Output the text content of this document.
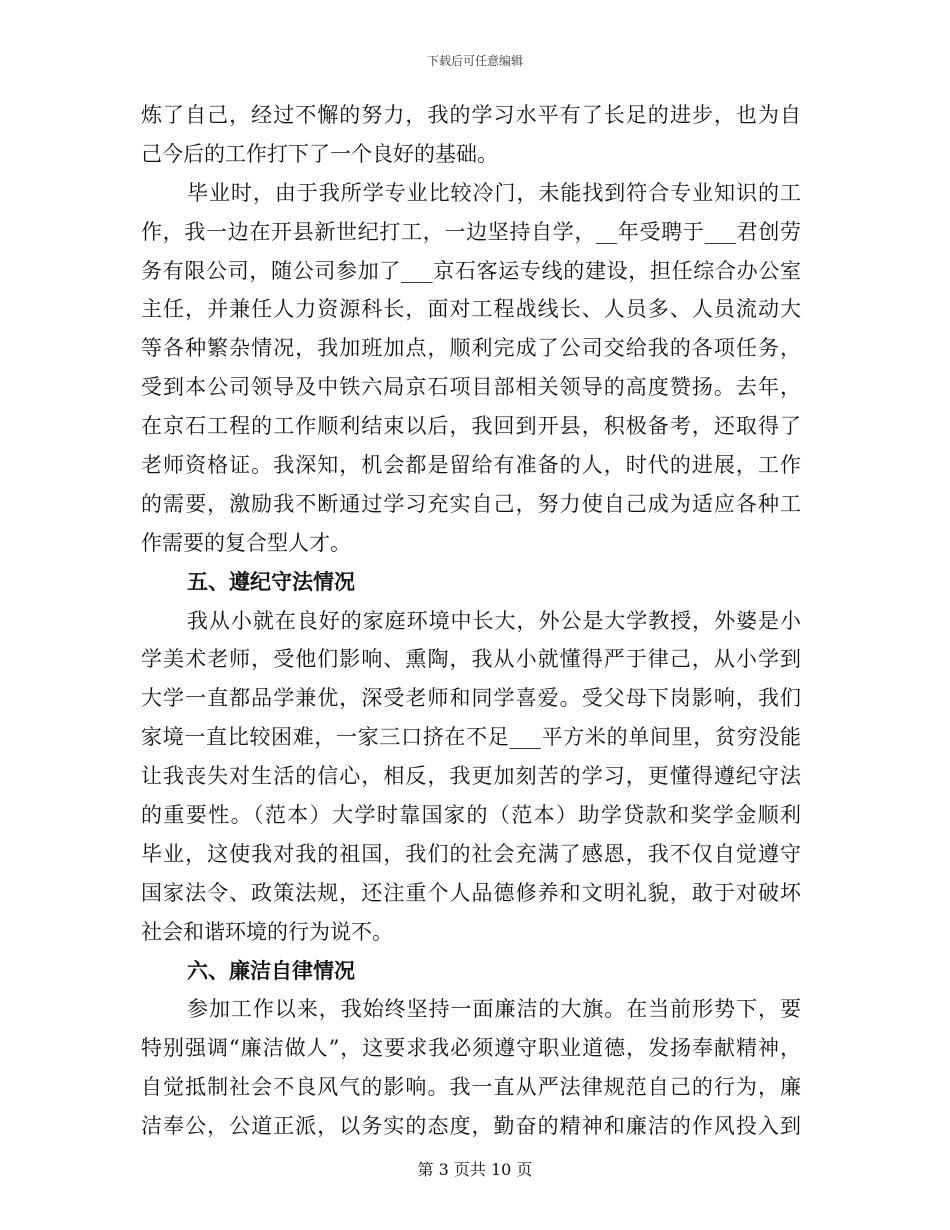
下载后可任意编辑
炼了自己，经过不懈的努力，我的学习水平有了长足的进步，也为自
己今后的工作打下了一个良好的基础。
毕业时，由于我所学专业比较冷门，未能找到符合专业知识的工
作，我一边在开县新世纪打工，一边坚持自学，__年受聘于___君创劳
务有限公司，随公司参加了___京石客运专线的建设，担任综合办公室
主任，并兼任人力资源科长，面对工程战线长、人员多、人员流动大
等各种繁杂情况，我加班加点，顺利完成了公司交给我的各项任务，
受到本公司领导及中铁六局京石项目部相关领导的高度赞扬。去年，
在京石工程的工作顺利结束以后，我回到开县，积极备考，还取得了
老师资格证。我深知，机会都是留给有准备的人，时代的进展，工作
的需要，激励我不断通过学习充实自己，努力使自己成为适应各种工
作需要的复合型人才。
五、遵纪守法情况
我从小就在良好的家庭环境中长大，外公是大学教授，外婆是小
学美术老师，受他们影响、熏陶，我从小就懂得严于律己，从小学到
大学一直都品学兼优，深受老师和同学喜爱。受父母下岗影响，我们
家境一直比较困难，一家三口挤在不足___平方米的单间里，贫穷没能
让我丧失对生活的信心，相反，我更加刻苦的学习，更懂得遵纪守法
的重要性。（范本）大学时靠国家的（范本）助学贷款和奖学金顺利
毕业，这使我对我的祖国，我们的社会充满了感恩，我不仅自觉遵守
国家法令、政策法规，还注重个人品德修养和文明礼貌，敢于对破坏
社会和谐环境的行为说不。
六、廉洁自律情况
参加工作以来，我始终坚持一面廉洁的大旗。在当前形势下，要
特别强调“廉洁做人”，这要求我必须遵守职业道德，发扬奉献精神，
自觉抵制社会不良风气的影响。我一直从严法律规范自己的行为，廉
洁奉公，公道正派，以务实的态度，勤奋的精神和廉洁的作风投入到
第 3 页共 10 页
